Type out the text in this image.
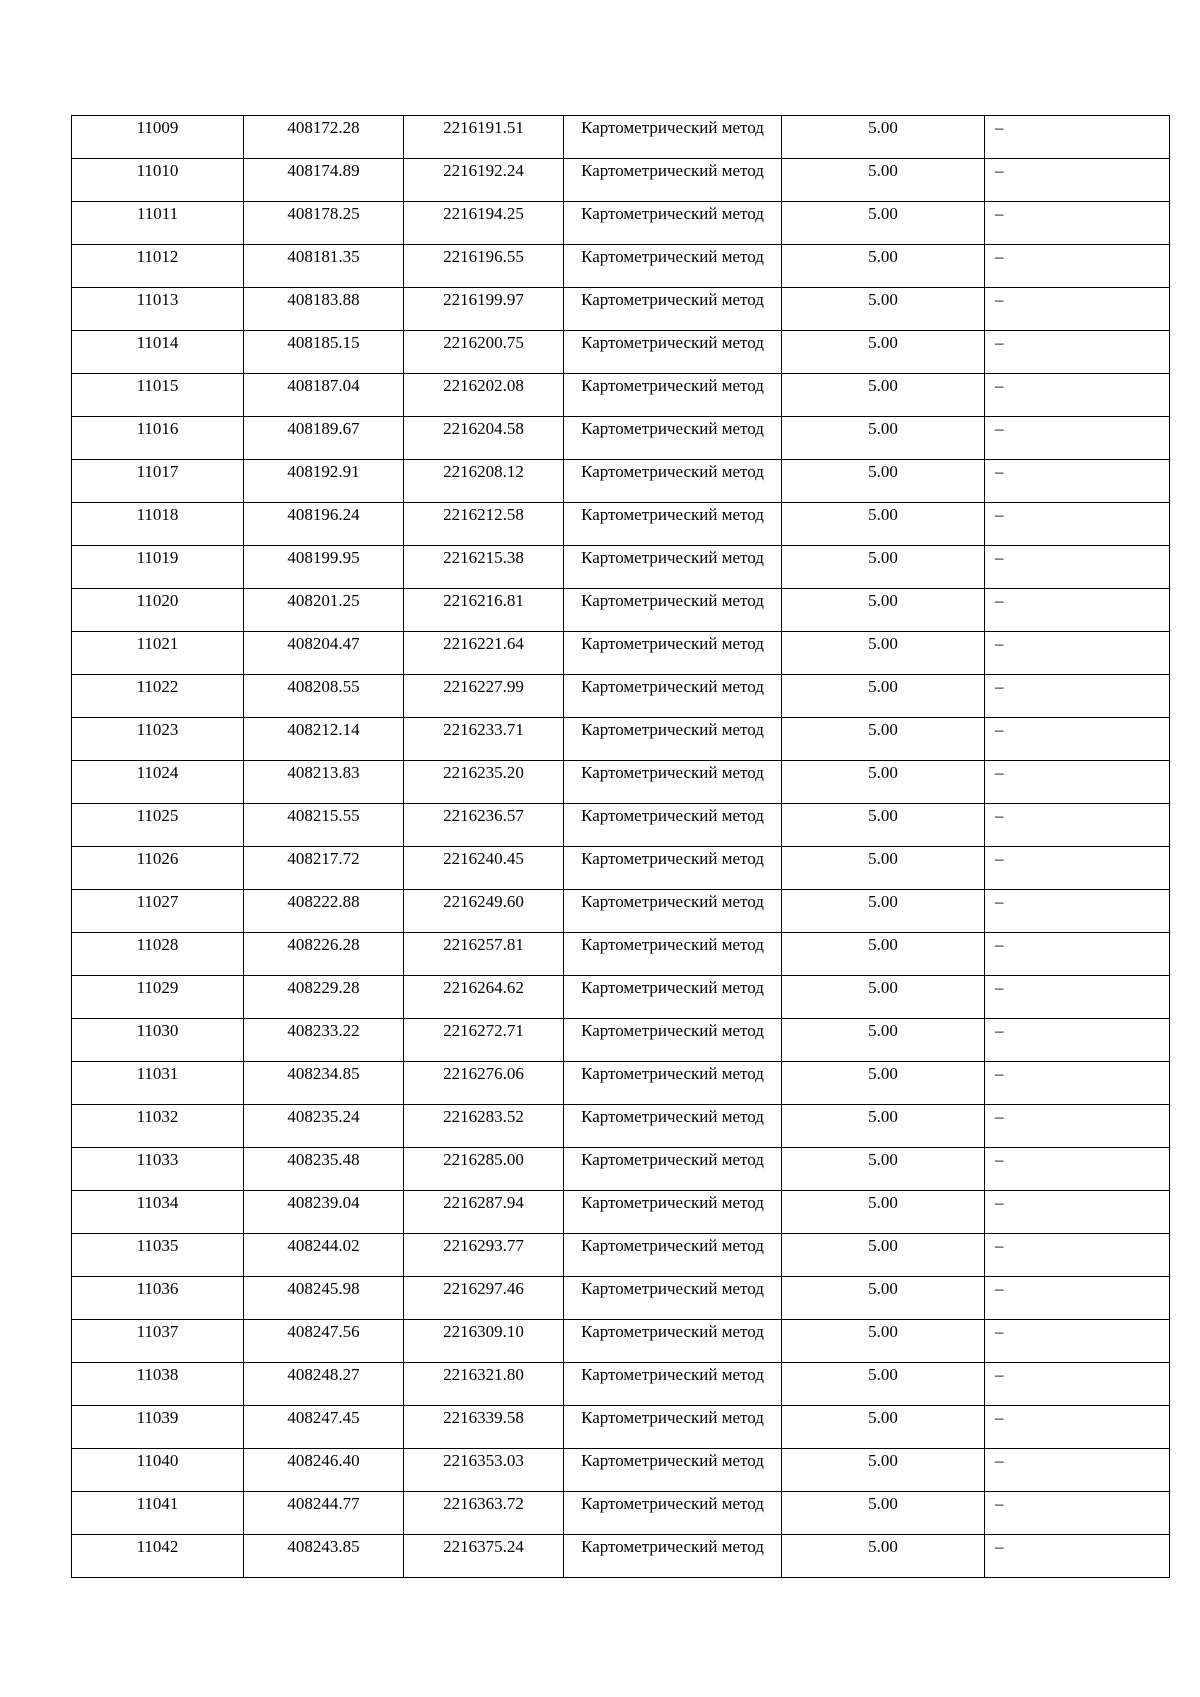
11009	408172.28	2216191.51	Картометрический метод	5.00	–

11010	408174.89	2216192.24	Картометрический метод	5.00	–

11011	408178.25	2216194.25	Картометрический метод	5.00	–

11012	408181.35	2216196.55	Картометрический метод	5.00	–

11013	408183.88	2216199.97	Картометрический метод	5.00	–

11014	408185.15	2216200.75	Картометрический метод	5.00	–

11015	408187.04	2216202.08	Картометрический метод	5.00	–

11016	408189.67	2216204.58	Картометрический метод	5.00	–

11017	408192.91	2216208.12	Картометрический метод	5.00	–

11018	408196.24	2216212.58	Картометрический метод	5.00	–

11019	408199.95	2216215.38	Картометрический метод	5.00	–

11020	408201.25	2216216.81	Картометрический метод	5.00	–

11021	408204.47	2216221.64	Картометрический метод	5.00	–

11022	408208.55	2216227.99	Картометрический метод	5.00	–

11023	408212.14	2216233.71	Картометрический метод	5.00	–

11024	408213.83	2216235.20	Картометрический метод	5.00	–

11025	408215.55	2216236.57	Картометрический метод	5.00	–

11026	408217.72	2216240.45	Картометрический метод	5.00	–

11027	408222.88	2216249.60	Картометрический метод	5.00	–

11028	408226.28	2216257.81	Картометрический метод	5.00	–

11029	408229.28	2216264.62	Картометрический метод	5.00	–

11030	408233.22	2216272.71	Картометрический метод	5.00	–

11031	408234.85	2216276.06	Картометрический метод	5.00	–

11032	408235.24	2216283.52	Картометрический метод	5.00	–

11033	408235.48	2216285.00	Картометрический метод	5.00	–

11034	408239.04	2216287.94	Картометрический метод	5.00	–

11035	408244.02	2216293.77	Картометрический метод	5.00	–

11036	408245.98	2216297.46	Картометрический метод	5.00	–

11037	408247.56	2216309.10	Картометрический метод	5.00	–

11038	408248.27	2216321.80	Картометрический метод	5.00	–

11039	408247.45	2216339.58	Картометрический метод	5.00	–

11040	408246.40	2216353.03	Картометрический метод	5.00	–

11041	408244.77	2216363.72	Картометрический метод	5.00	–

11042	408243.85	2216375.24	Картометрический метод	5.00	–
